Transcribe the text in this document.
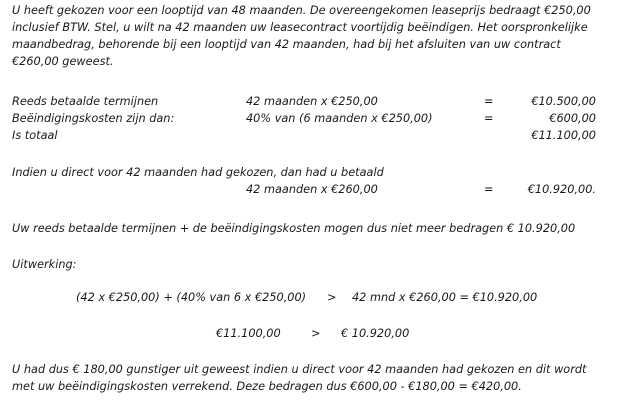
U heeft gekozen voor een looptijd van 48 maanden. De overeengekomen leaseprijs bedraagt €250,00
inclusief BTW. Stel, u wilt na 42 maanden uw leasecontract voortijdig beëindigen. Het oorspronkelijke
maandbedrag, behorende bij een looptijd van 42 maanden, had bij het afsluiten van uw contract
€260,00 geweest.
Reeds betaalde termijnen	42 maanden x €250,00	=	€10.500,00
Beëindigingskosten zijn dan:	40% van (6 maanden x €250,00)	=	€600,00
Is totaal	€11.100,00
Indien u direct voor 42 maanden had gekozen, dan had u betaald
42 maanden x €260,00	=	€10.920,00.
Uw reeds betaalde termijnen + de beëindigingskosten mogen dus niet meer bedragen € 10.920,00
Uitwerking:
(42 x €250,00) + (40% van 6 x €250,00) > 42 mnd x €260,00 = €10.920,00
€11.100,00	> € 10.920,00
U had dus € 180,00 gunstiger uit geweest indien u direct voor 42 maanden had gekozen en dit wordt
met uw beëindigingskosten verrekend. Deze bedragen dus €600,00 - €180,00 = €420,00.
